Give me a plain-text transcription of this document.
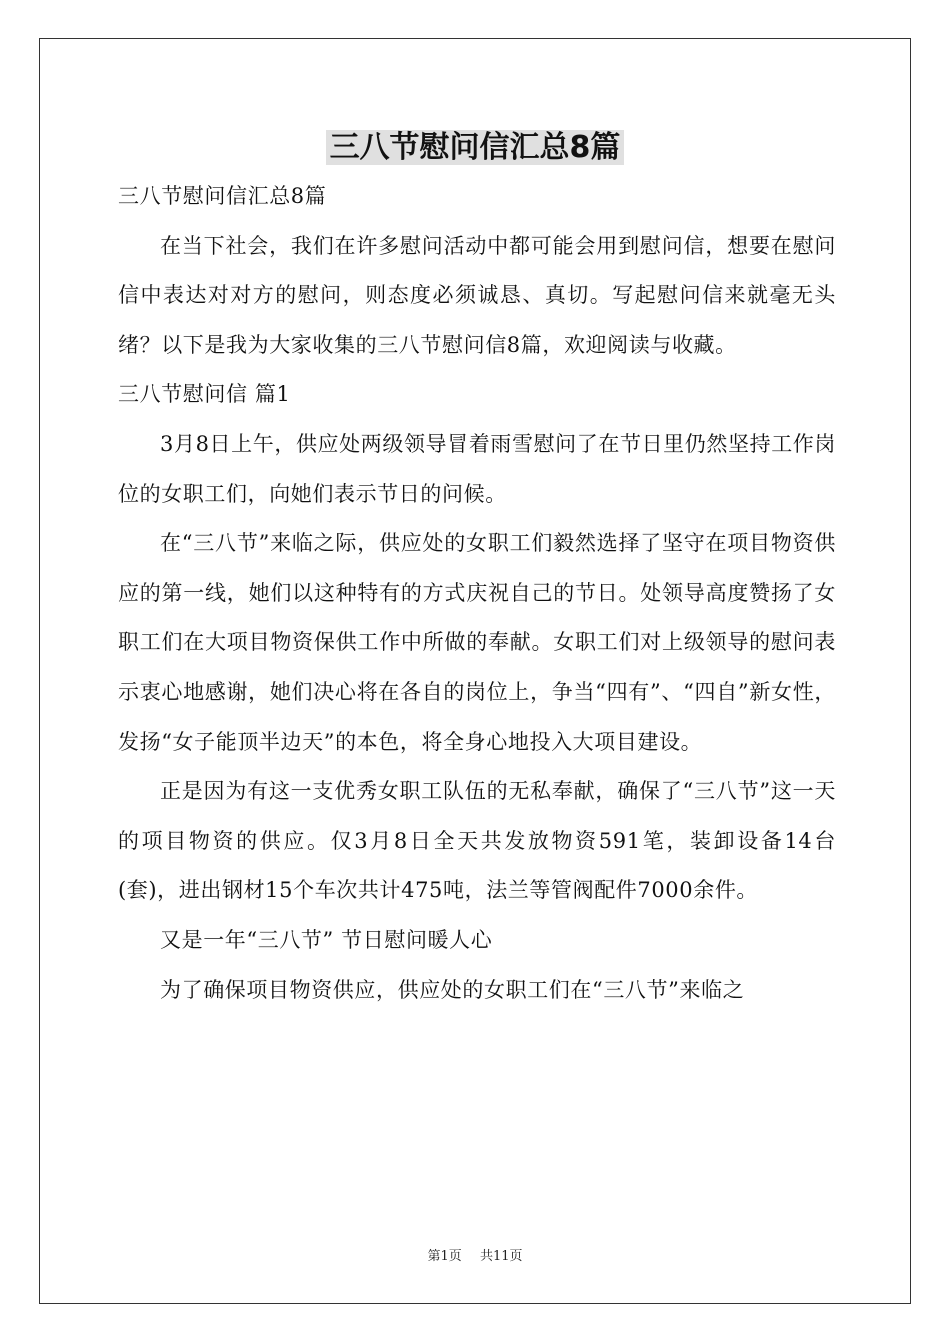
三八节慰问信汇总8篇

三八节慰问信汇总8篇

在当下社会，我们在许多慰问活动中都可能会用到慰问信，想要在慰问信中表达对对方的慰问，则态度必须诚恳、真切。写起慰问信来就毫无头绪？以下是我为大家收集的三八节慰问信8篇，欢迎阅读与收藏。

三八节慰问信 篇1

3月8日上午，供应处两级领导冒着雨雪慰问了在节日里仍然坚持工作岗位的女职工们，向她们表示节日的问候。

在“三八节”来临之际，供应处的女职工们毅然选择了坚守在项目物资供应的第一线，她们以这种特有的方式庆祝自己的节日。处领导高度赞扬了女职工们在大项目物资保供工作中所做的奉献。女职工们对上级领导的慰问表示衷心地感谢，她们决心将在各自的岗位上，争当“四有”、“四自”新女性，发扬“女子能顶半边天”的本色，将全身心地投入大项目建设。

正是因为有这一支优秀女职工队伍的无私奉献，确保了“三八节”这一天的项目物资的供应。仅3月8日全天共发放物资591笔，装卸设备14台(套)，进出钢材15个车次共计475吨，法兰等管阀配件7000余件。

又是一年“三八节” 节日慰问暖人心

为了确保项目物资供应，供应处的女职工们在“三八节”来临之

第1页 共11页
